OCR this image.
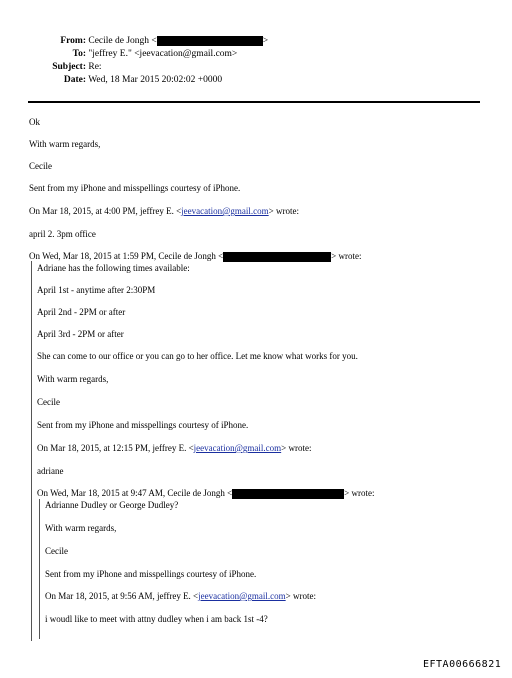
From: Cecile de Jongh <	>
To: "jeffrey E." <jeevacation@gmail.com>
Subject: Re:
Date: Wed, 18 Mar 2015 20:02:02 +0000
Ok
With warm regards,
Cecile
Sent from my iPhone and misspellings courtesy of iPhone.
On Mar 18, 2015, at 4:00 PM, jeffrey E. <jeevacation@gmail.com> wrote:
april 2. 3pm office
On Wed, Mar 18, 2015 at 1:59 PM, Cecile de Jongh <	> wrote:
Adriane has the following times available:
April 1st - anytime after 2:30PM
April 2nd - 2PM or after
April 3rd - 2PM or after
She can come to our office or you can go to her office. Let me know what works for you.
With warm regards,
Cecile
Sent from my iPhone and misspellings courtesy of iPhone.
On Mar 18, 2015, at 12:15 PM, jeffrey E. <jeevacation@gmail.com> wrote:
adriane
On Wed, Mar 18, 2015 at 9:47 AM, Cecile de Jongh <	> wrote:
Adrianne Dudley or George Dudley?
With warm regards,
Cecile
Sent from my iPhone and misspellings courtesy of iPhone.
On Mar 18, 2015, at 9:56 AM, jeffrey E. <jeevacation@gmail.com> wrote:
i woudl like to meet with attny dudley when i am back 1st -4?
EFTA00666821
